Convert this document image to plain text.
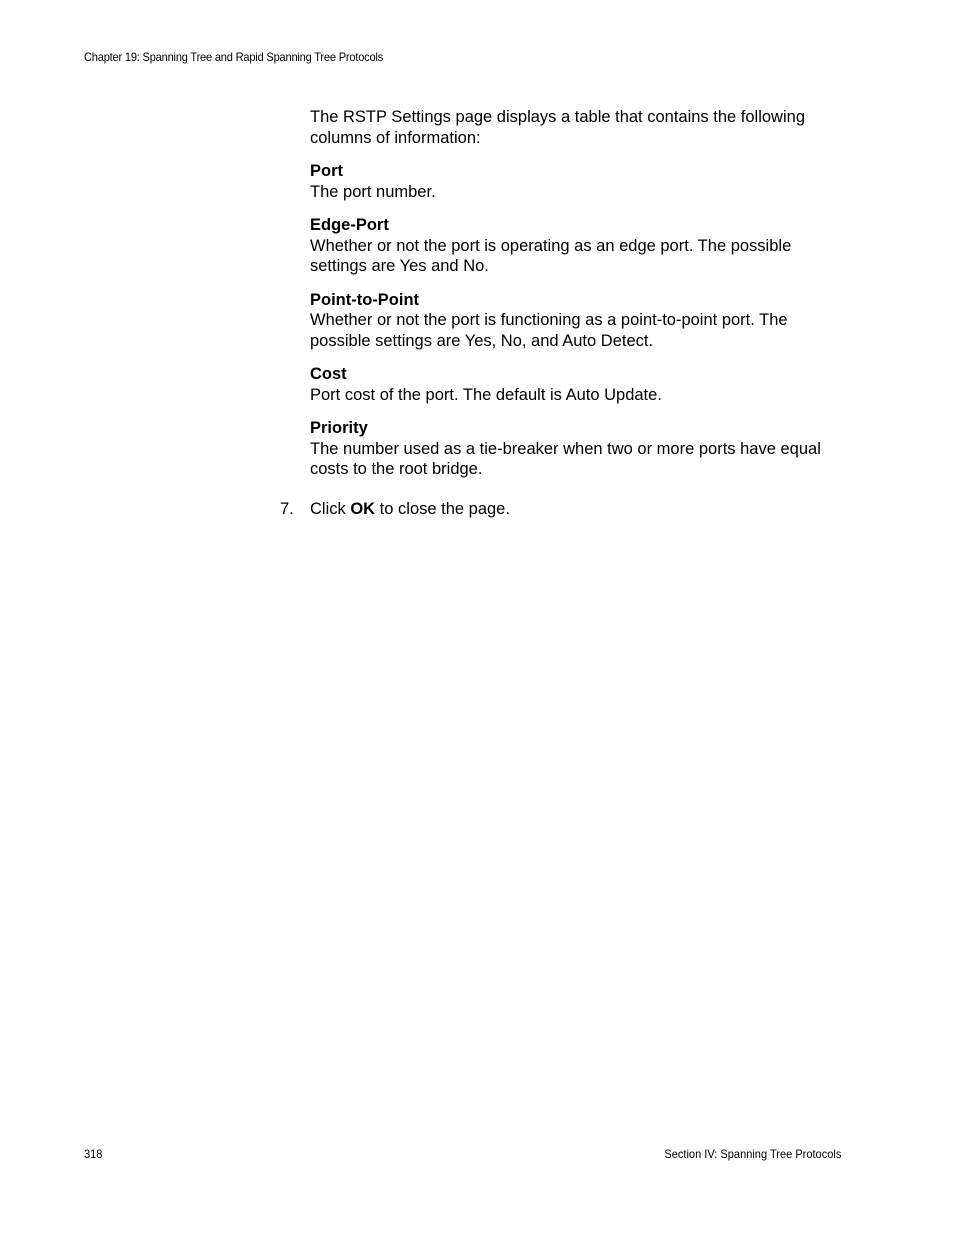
Chapter 19: Spanning Tree and Rapid Spanning Tree Protocols

The RSTP Settings page displays a table that contains the following columns of information:

Port
The port number.
Edge-Port
Whether or not the port is operating as an edge port. The possible settings are Yes and No.
Point-to-Point
Whether or not the port is functioning as a point-to-point port. The possible settings are Yes, No, and Auto Detect.
Cost
Port cost of the port. The default is Auto Update.
Priority
The number used as a tie-breaker when two or more ports have equal costs to the root bridge.
7. Click OK to close the page.
318	Section IV: Spanning Tree Protocols
